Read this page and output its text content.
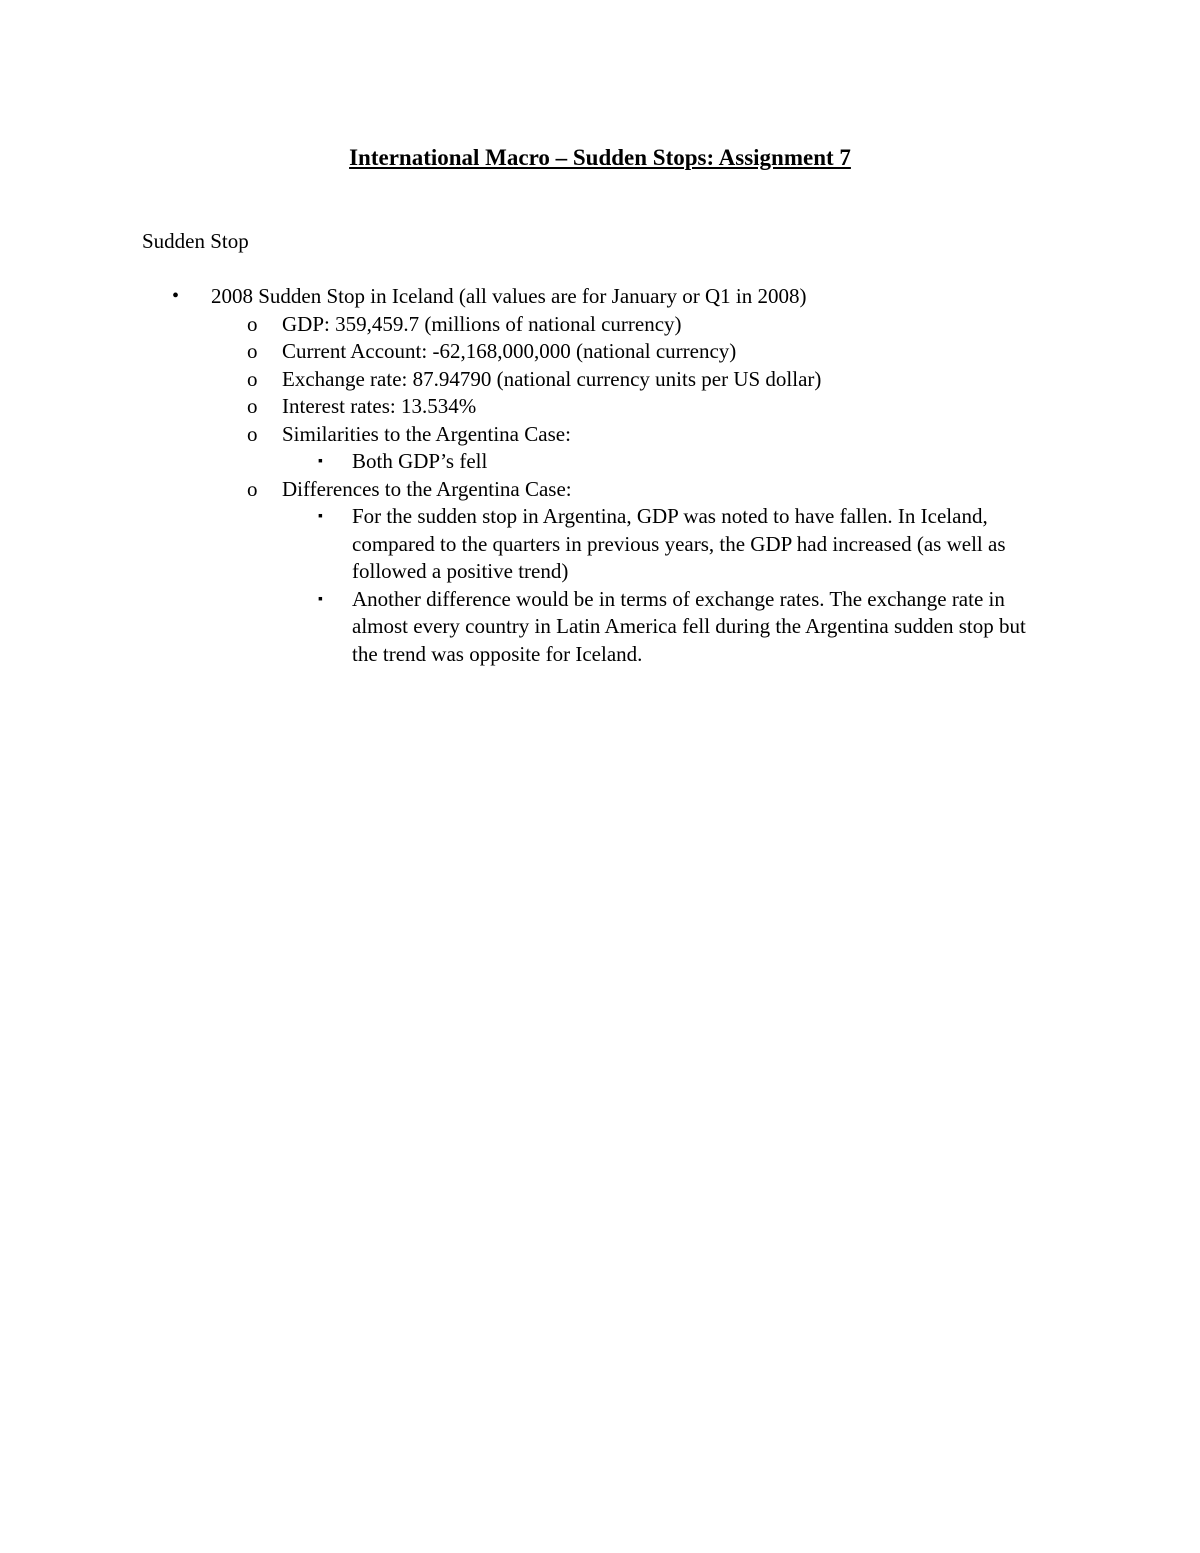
International Macro – Sudden Stops: Assignment 7
Sudden Stop
• 2008 Sudden Stop in Iceland (all values are for January or Q1 in 2008)
o GDP: 359,459.7 (millions of national currency)
o Current Account: -62,168,000,000 (national currency)
o Exchange rate: 87.94790 (national currency units per US dollar)
o Interest rates: 13.534%
o Similarities to the Argentina Case:
▪ Both GDP’s fell
o Differences to the Argentina Case:
▪ For the sudden stop in Argentina, GDP was noted to have fallen. In Iceland, compared to the quarters in previous years, the GDP had increased (as well as followed a positive trend)
▪ Another difference would be in terms of exchange rates. The exchange rate in almost every country in Latin America fell during the Argentina sudden stop but the trend was opposite for Iceland.
